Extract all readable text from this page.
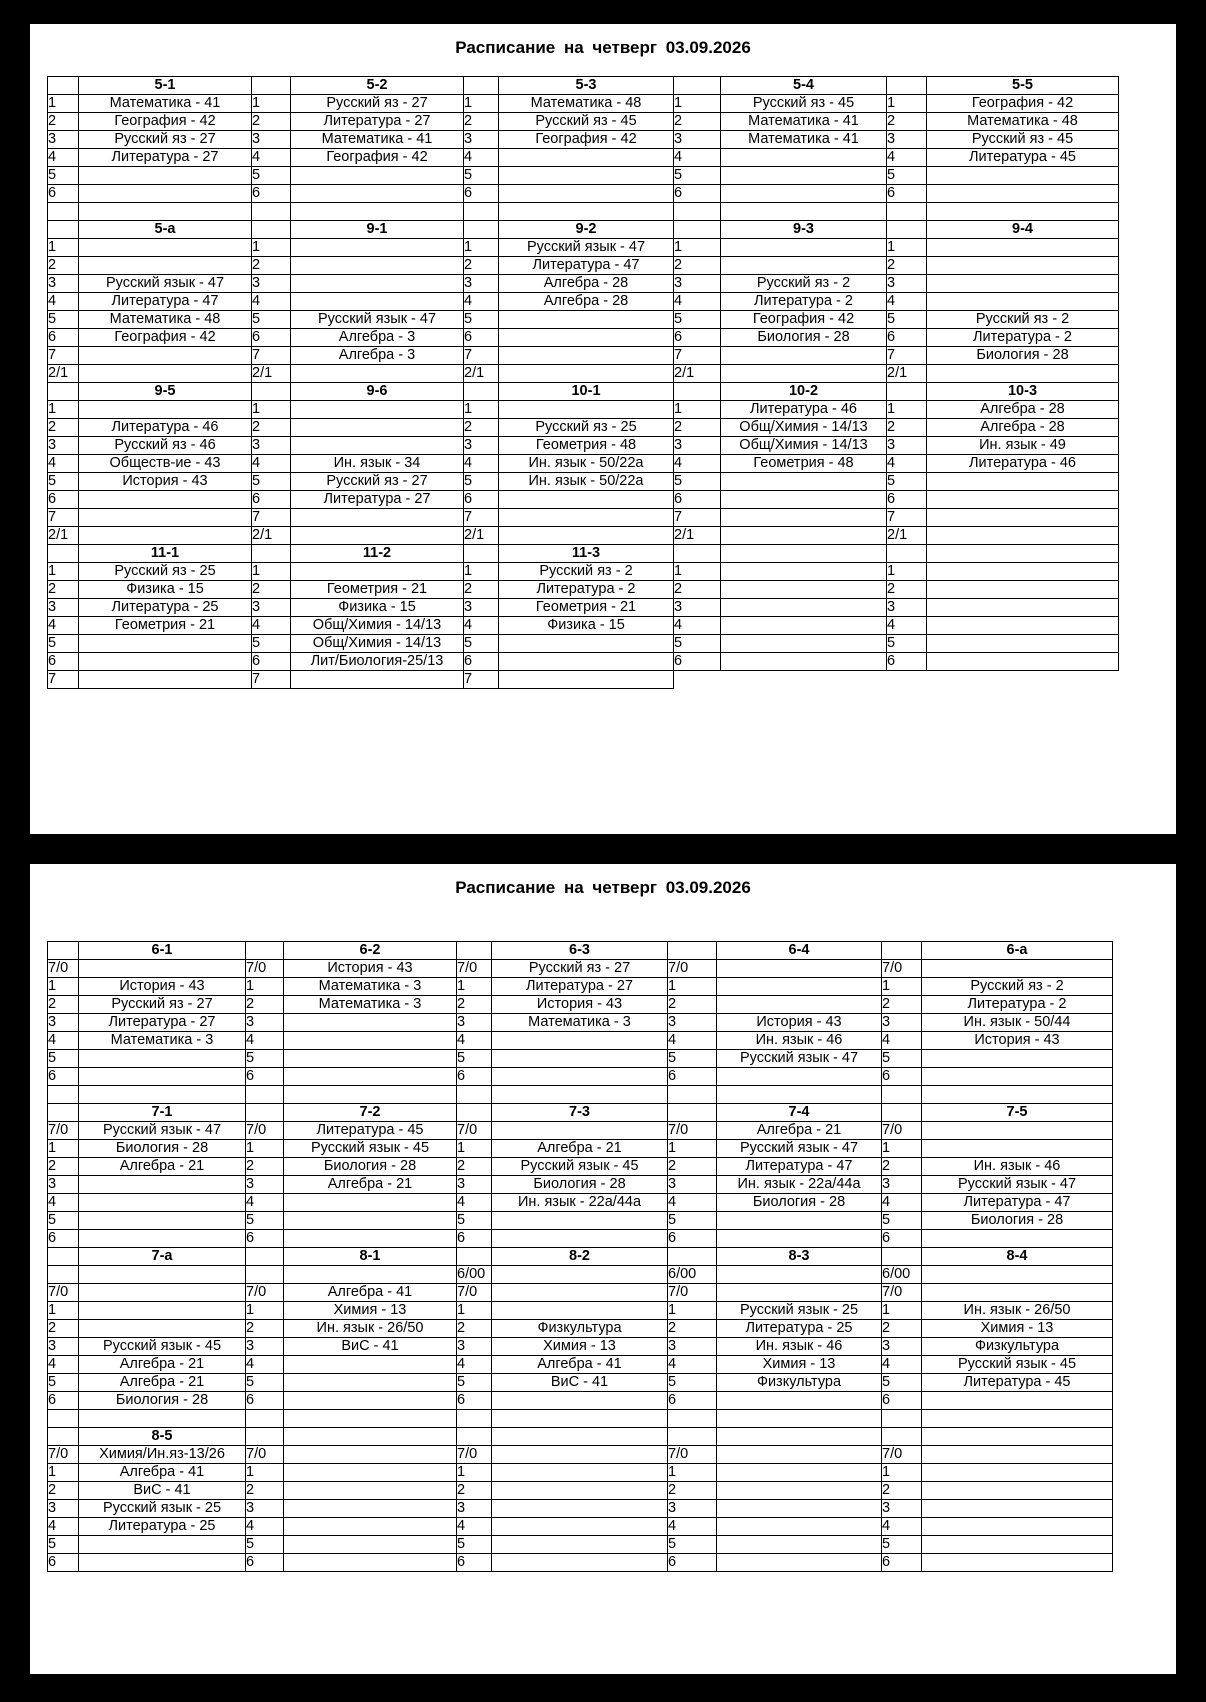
Расписание на четверг 03.09.2026
	5-1		5-2		5-3		5-4		5-5
1	Математика - 41	1	Русский яз - 27	1	Математика - 48	1	Русский яз - 45	1	География - 42
2	География - 42	2	Литература - 27	2	Русский яз - 45	2	Математика - 41	2	Математика - 48
3	Русский яз - 27	3	Математика - 41	3	География - 42	3	Математика - 41	3	Русский яз - 45
4	Литература - 27	4	География - 42	4		4		4	Литература - 45
5		5		5		5		5	
6		6		6		6		6	

	5-а		9-1		9-2		9-3		9-4
1		1		1	Русский язык - 47	1		1	
2		2		2	Литература - 47	2		2	
3	Русский язык - 47	3		3	Алгебра - 28	3	Русский яз - 2	3	
4	Литература - 47	4		4	Алгебра - 28	4	Литература - 2	4	
5	Математика - 48	5	Русский язык - 47	5		5	География - 42	5	Русский яз - 2
6	География - 42	6	Алгебра - 3	6		6	Биология - 28	6	Литература - 2
7		7	Алгебра - 3	7		7		7	Биология - 28
2/1		2/1		2/1		2/1		2/1	
	9-5		9-6		10-1		10-2		10-3
1		1		1		1	Литература - 46	1	Алгебра - 28
2	Литература - 46	2		2	Русский яз - 25	2	Общ/Химия - 14/13	2	Алгебра - 28
3	Русский яз - 46	3		3	Геометрия - 48	3	Общ/Химия - 14/13	3	Ин. язык - 49
4	Обществ-ие - 43	4	Ин. язык - 34	4	Ин. язык - 50/22а	4	Геометрия - 48	4	Литература - 46
5	История - 43	5	Русский яз - 27	5	Ин. язык - 50/22а	5		5	
6		6	Литература - 27	6		6		6	
7		7		7		7		7	
2/1		2/1		2/1		2/1		2/1	
	11-1		11-2		11-3				
1	Русский яз - 25	1		1	Русский яз - 2	1		1	
2	Физика - 15	2	Геометрия - 21	2	Литература - 2	2		2	
3	Литература - 25	3	Физика - 15	3	Геометрия - 21	3		3	
4	Геометрия - 21	4	Общ/Химия - 14/13	4	Физика - 15	4		4	
5		5	Общ/Химия - 14/13	5		5		5	
6		6	Лит/Биология-25/13	6		6		6	
7		7		7					
Расписание на четверг 03.09.2026
	6-1		6-2		6-3		6-4		6-а
7/0		7/0	История - 43	7/0	Русский яз - 27	7/0		7/0	
1	История - 43	1	Математика - 3	1	Литература - 27	1		1	Русский яз - 2
2	Русский яз - 27	2	Математика - 3	2	История - 43	2		2	Литература - 2
3	Литература - 27	3		3	Математика - 3	3	История - 43	3	Ин. язык - 50/44
4	Математика - 3	4		4		4	Ин. язык - 46	4	История - 43
5		5		5		5	Русский язык - 47	5	
6		6		6		6		6	

	7-1		7-2		7-3		7-4		7-5
7/0	Русский язык - 47	7/0	Литература - 45	7/0		7/0	Алгебра - 21	7/0	
1	Биология - 28	1	Русский язык - 45	1	Алгебра - 21	1	Русский язык - 47	1	
2	Алгебра - 21	2	Биология - 28	2	Русский язык - 45	2	Литература - 47	2	Ин. язык - 46
3		3	Алгебра - 21	3	Биология - 28	3	Ин. язык - 22а/44а	3	Русский язык - 47
4		4		4	Ин. язык - 22а/44а	4	Биология - 28	4	Литература - 47
5		5		5		5		5	Биология - 28
6		6		6		6		6	
	7-а		8-1		8-2		8-3		8-4
				6/00		6/00		6/00	
7/0		7/0	Алгебра - 41	7/0		7/0		7/0	
1		1	Химия - 13	1		1	Русский язык - 25	1	Ин. язык - 26/50
2		2	Ин. язык - 26/50	2	Физкультура	2	Литература - 25	2	Химия - 13
3	Русский язык - 45	3	ВиС - 41	3	Химия - 13	3	Ин. язык - 46	3	Физкультура
4	Алгебра - 21	4		4	Алгебра - 41	4	Химия - 13	4	Русский язык - 45
5	Алгебра - 21	5		5	ВиС - 41	5	Физкультура	5	Литература - 45
6	Биология - 28	6		6		6		6	

	8-5								
7/0	Химия/Ин.яз-13/26	7/0		7/0		7/0		7/0	
1	Алгебра - 41	1		1		1		1	
2	ВиС - 41	2		2		2		2	
3	Русский язык - 25	3		3		3		3	
4	Литература - 25	4		4		4		4	
5		5		5		5		5	
6		6		6		6		6	
